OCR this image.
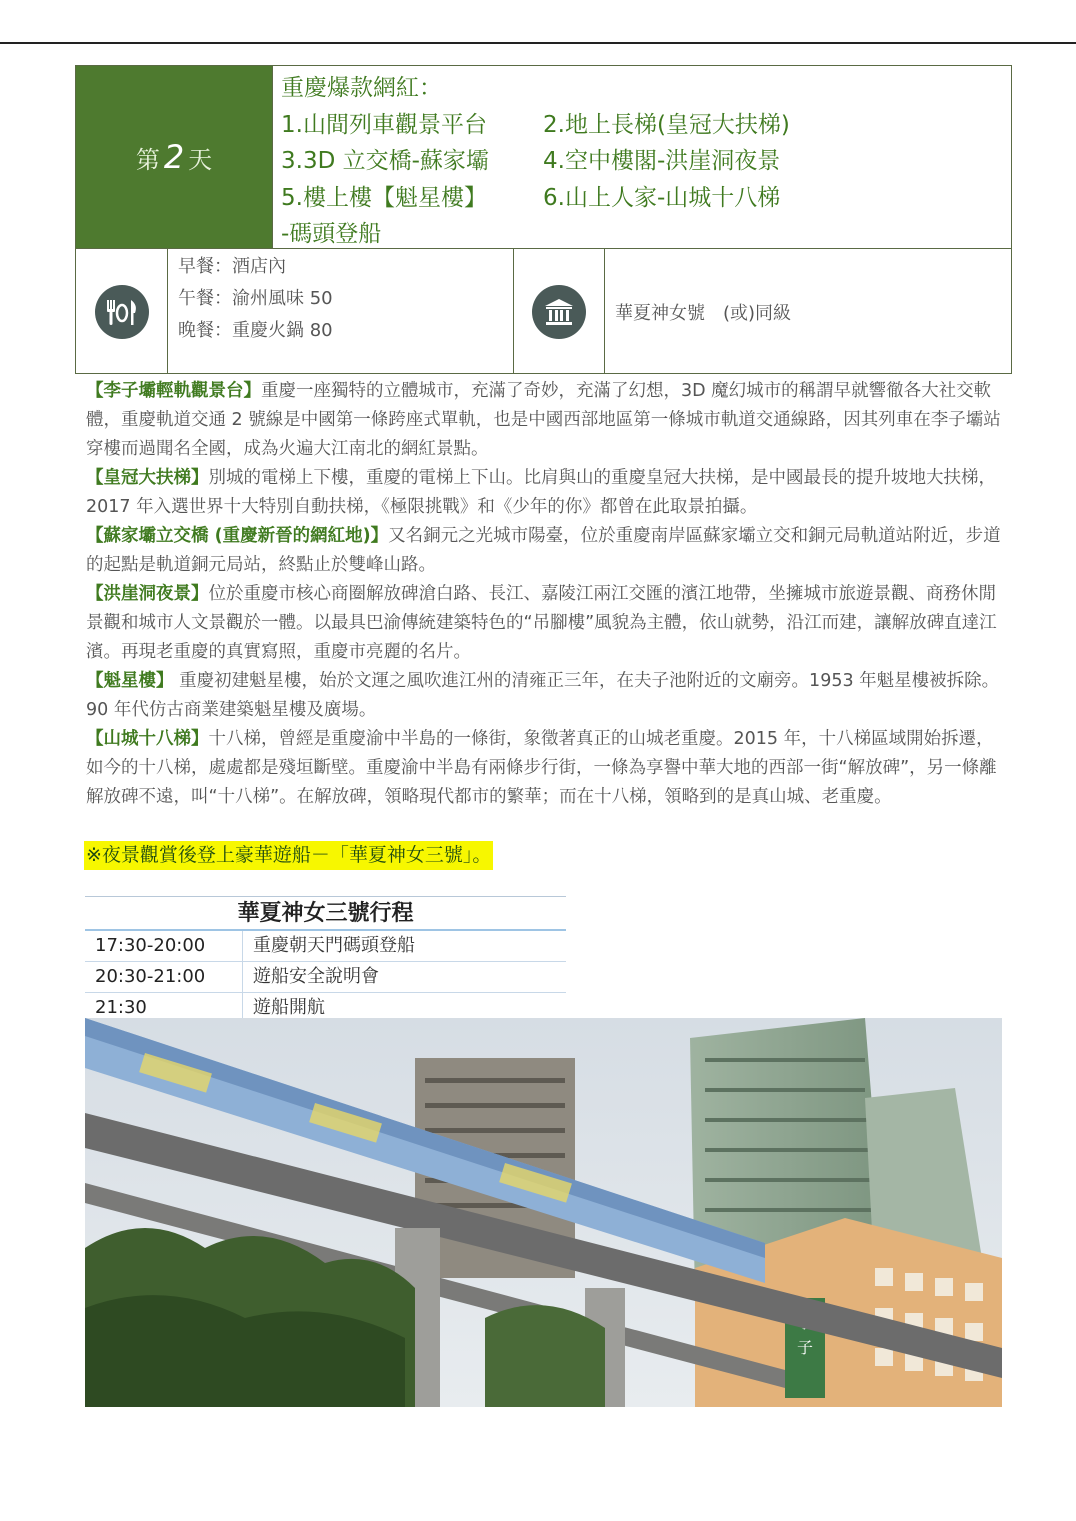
第 2 天
重慶爆款網紅：
1.山間列車觀景平台	2.地上長梯(皇冠大扶梯)
3.3D 立交橋-蘇家壩	4.空中樓閣-洪崖洞夜景
5.樓上樓【魁星樓】	6.山上人家-山城十八梯
-碼頭登船
早餐：酒店內
午餐：渝州風味 50
晚餐：重慶火鍋 80
華夏神女號　(或)同級

【李子壩輕軌觀景台】重慶一座獨特的立體城市，充滿了奇妙，充滿了幻想，3D 魔幻城市的稱謂早就響徹各大社交軟體，重慶軌道交通 2 號線是中國第一條跨座式單軌，也是中國西部地區第一條城市軌道交通線路，因其列車在李子壩站穿樓而過聞名全國，成為火遍大江南北的網紅景點。

【皇冠大扶梯】別城的電梯上下樓，重慶的電梯上下山。比肩與山的重慶皇冠大扶梯，是中國最長的提升坡地大扶梯，2017 年入選世界十大特別自動扶梯，《極限挑戰》和《少年的你》都曾在此取景拍攝。

【蘇家壩立交橋 (重慶新晉的網紅地)】又名銅元之光城市陽臺，位於重慶南岸區蘇家壩立交和銅元局軌道站附近，步道的起點是軌道銅元局站，終點止於雙峰山路。

【洪崖洞夜景】位於重慶市核心商圈解放碑滄白路、長江、嘉陵江兩江交匯的濱江地帶，坐擁城市旅遊景觀、商務休閒景觀和城市人文景觀於一體。以最具巴渝傳統建築特色的“吊腳樓”風貌為主體，依山就勢，沿江而建，讓解放碑直達江濱。再現老重慶的真實寫照，重慶市亮麗的名片。

【魁星樓】 重慶初建魁星樓，始於文運之風吹進江州的清雍正三年，在夫子池附近的文廟旁。1953 年魁星樓被拆除。90 年代仿古商業建築魁星樓及廣場。

【山城十八梯】十八梯，曾經是重慶渝中半島的一條街，象徵著真正的山城老重慶。2015 年，十八梯區域開始拆遷，如今的十八梯，處處都是殘垣斷壁。重慶渝中半島有兩條步行街，一條為享譽中華大地的西部一街“解放碑”，另一條離解放碑不遠，叫“十八梯”。在解放碑，領略現代都市的繁華；而在十八梯，領略到的是真山城、老重慶。

※夜景觀賞後登上豪華遊船－「華夏神女三號」。
華夏神女三號行程
17:30-20:00	重慶朝天門碼頭登船
20:30-21:00	遊船安全說明會
21:30	遊船開航
子
